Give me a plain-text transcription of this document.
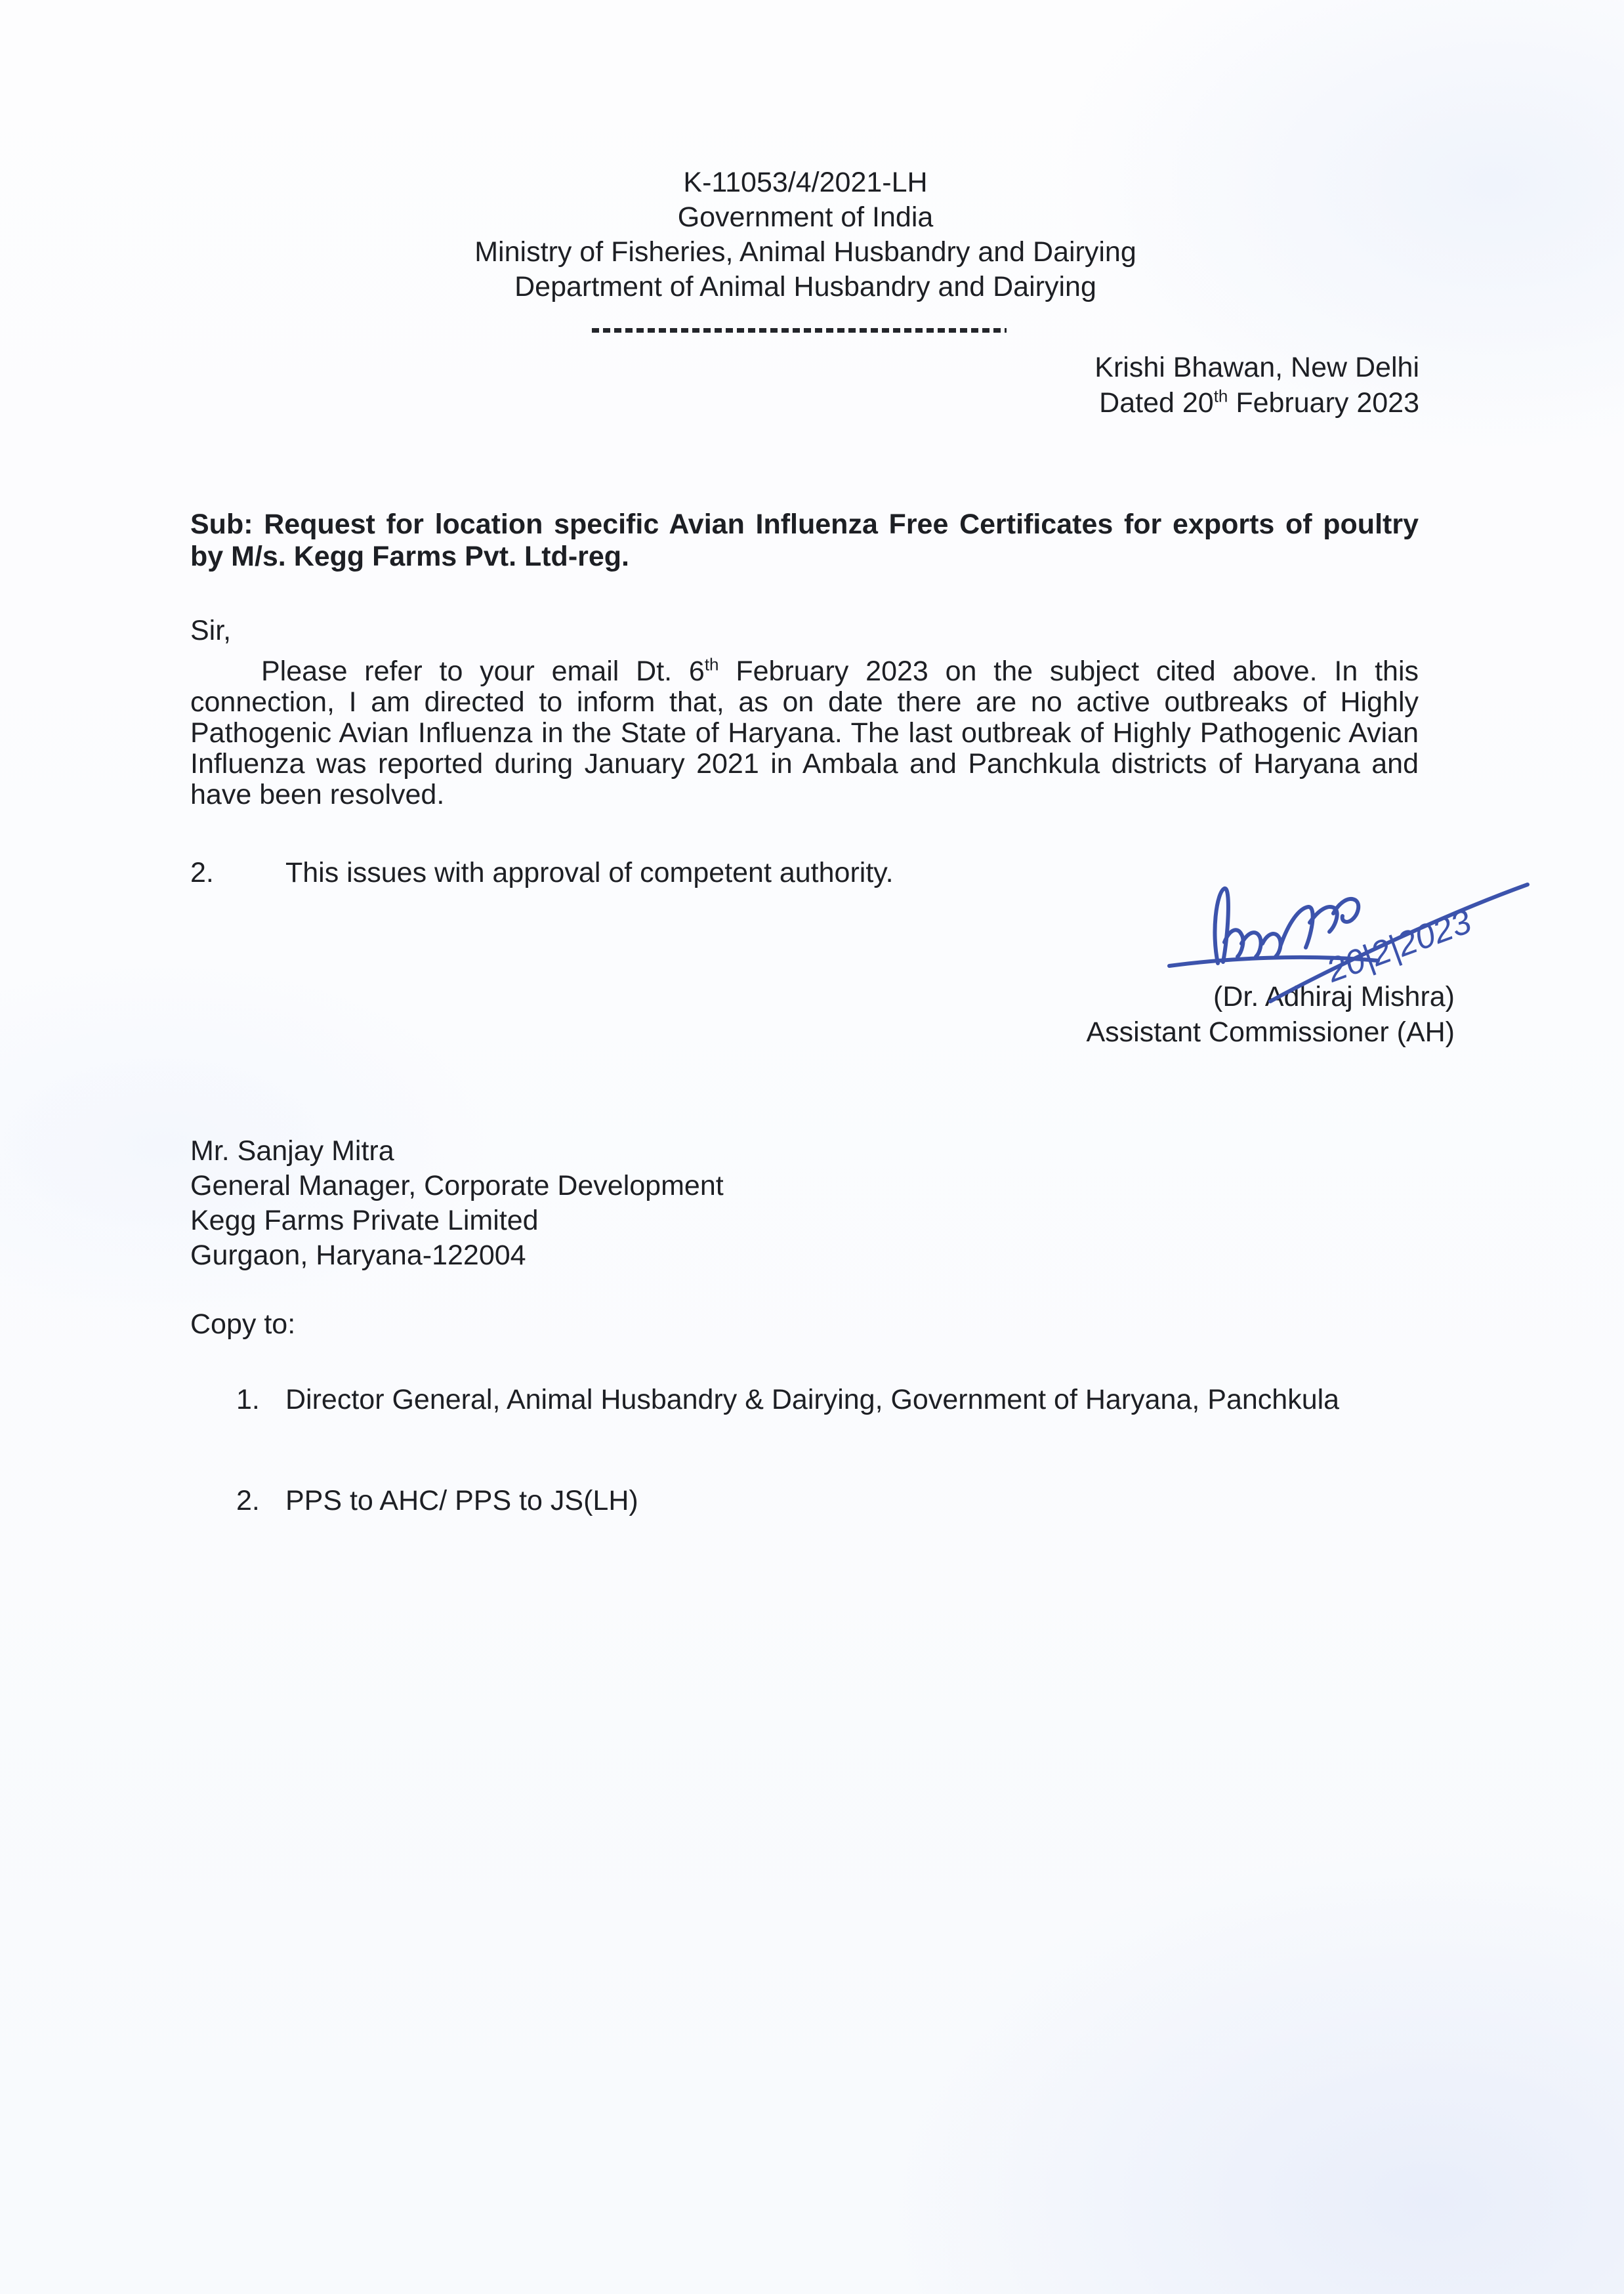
K-11053/4/2021-LH
Government of India
Ministry of Fisheries, Animal Husbandry and Dairying
Department of Animal Husbandry and Dairying
Krishi Bhawan, New Delhi
Dated 20th February 2023
Sub: Request for location specific Avian Influenza Free Certificates for exports of poultry by M/s. Kegg Farms Pvt. Ltd-reg.
Sir,
Please refer to your email Dt. 6th February 2023 on the subject cited above. In this connection, I am directed to inform that, as on date there are no active outbreaks of Highly Pathogenic Avian Influenza in the State of Haryana. The last outbreak of Highly Pathogenic Avian Influenza was reported during January 2021 in Ambala and Panchkula districts of Haryana and have been resolved.
2.	This issues with approval of competent authority.
20|2|2023
(Dr. Adhiraj Mishra)
Assistant Commissioner (AH)
Mr. Sanjay Mitra
General Manager, Corporate Development
Kegg Farms Private Limited
Gurgaon, Haryana-122004
Copy to:
1. Director General, Animal Husbandry & Dairying, Government of Haryana, Panchkula
2. PPS to AHC/ PPS to JS(LH)
